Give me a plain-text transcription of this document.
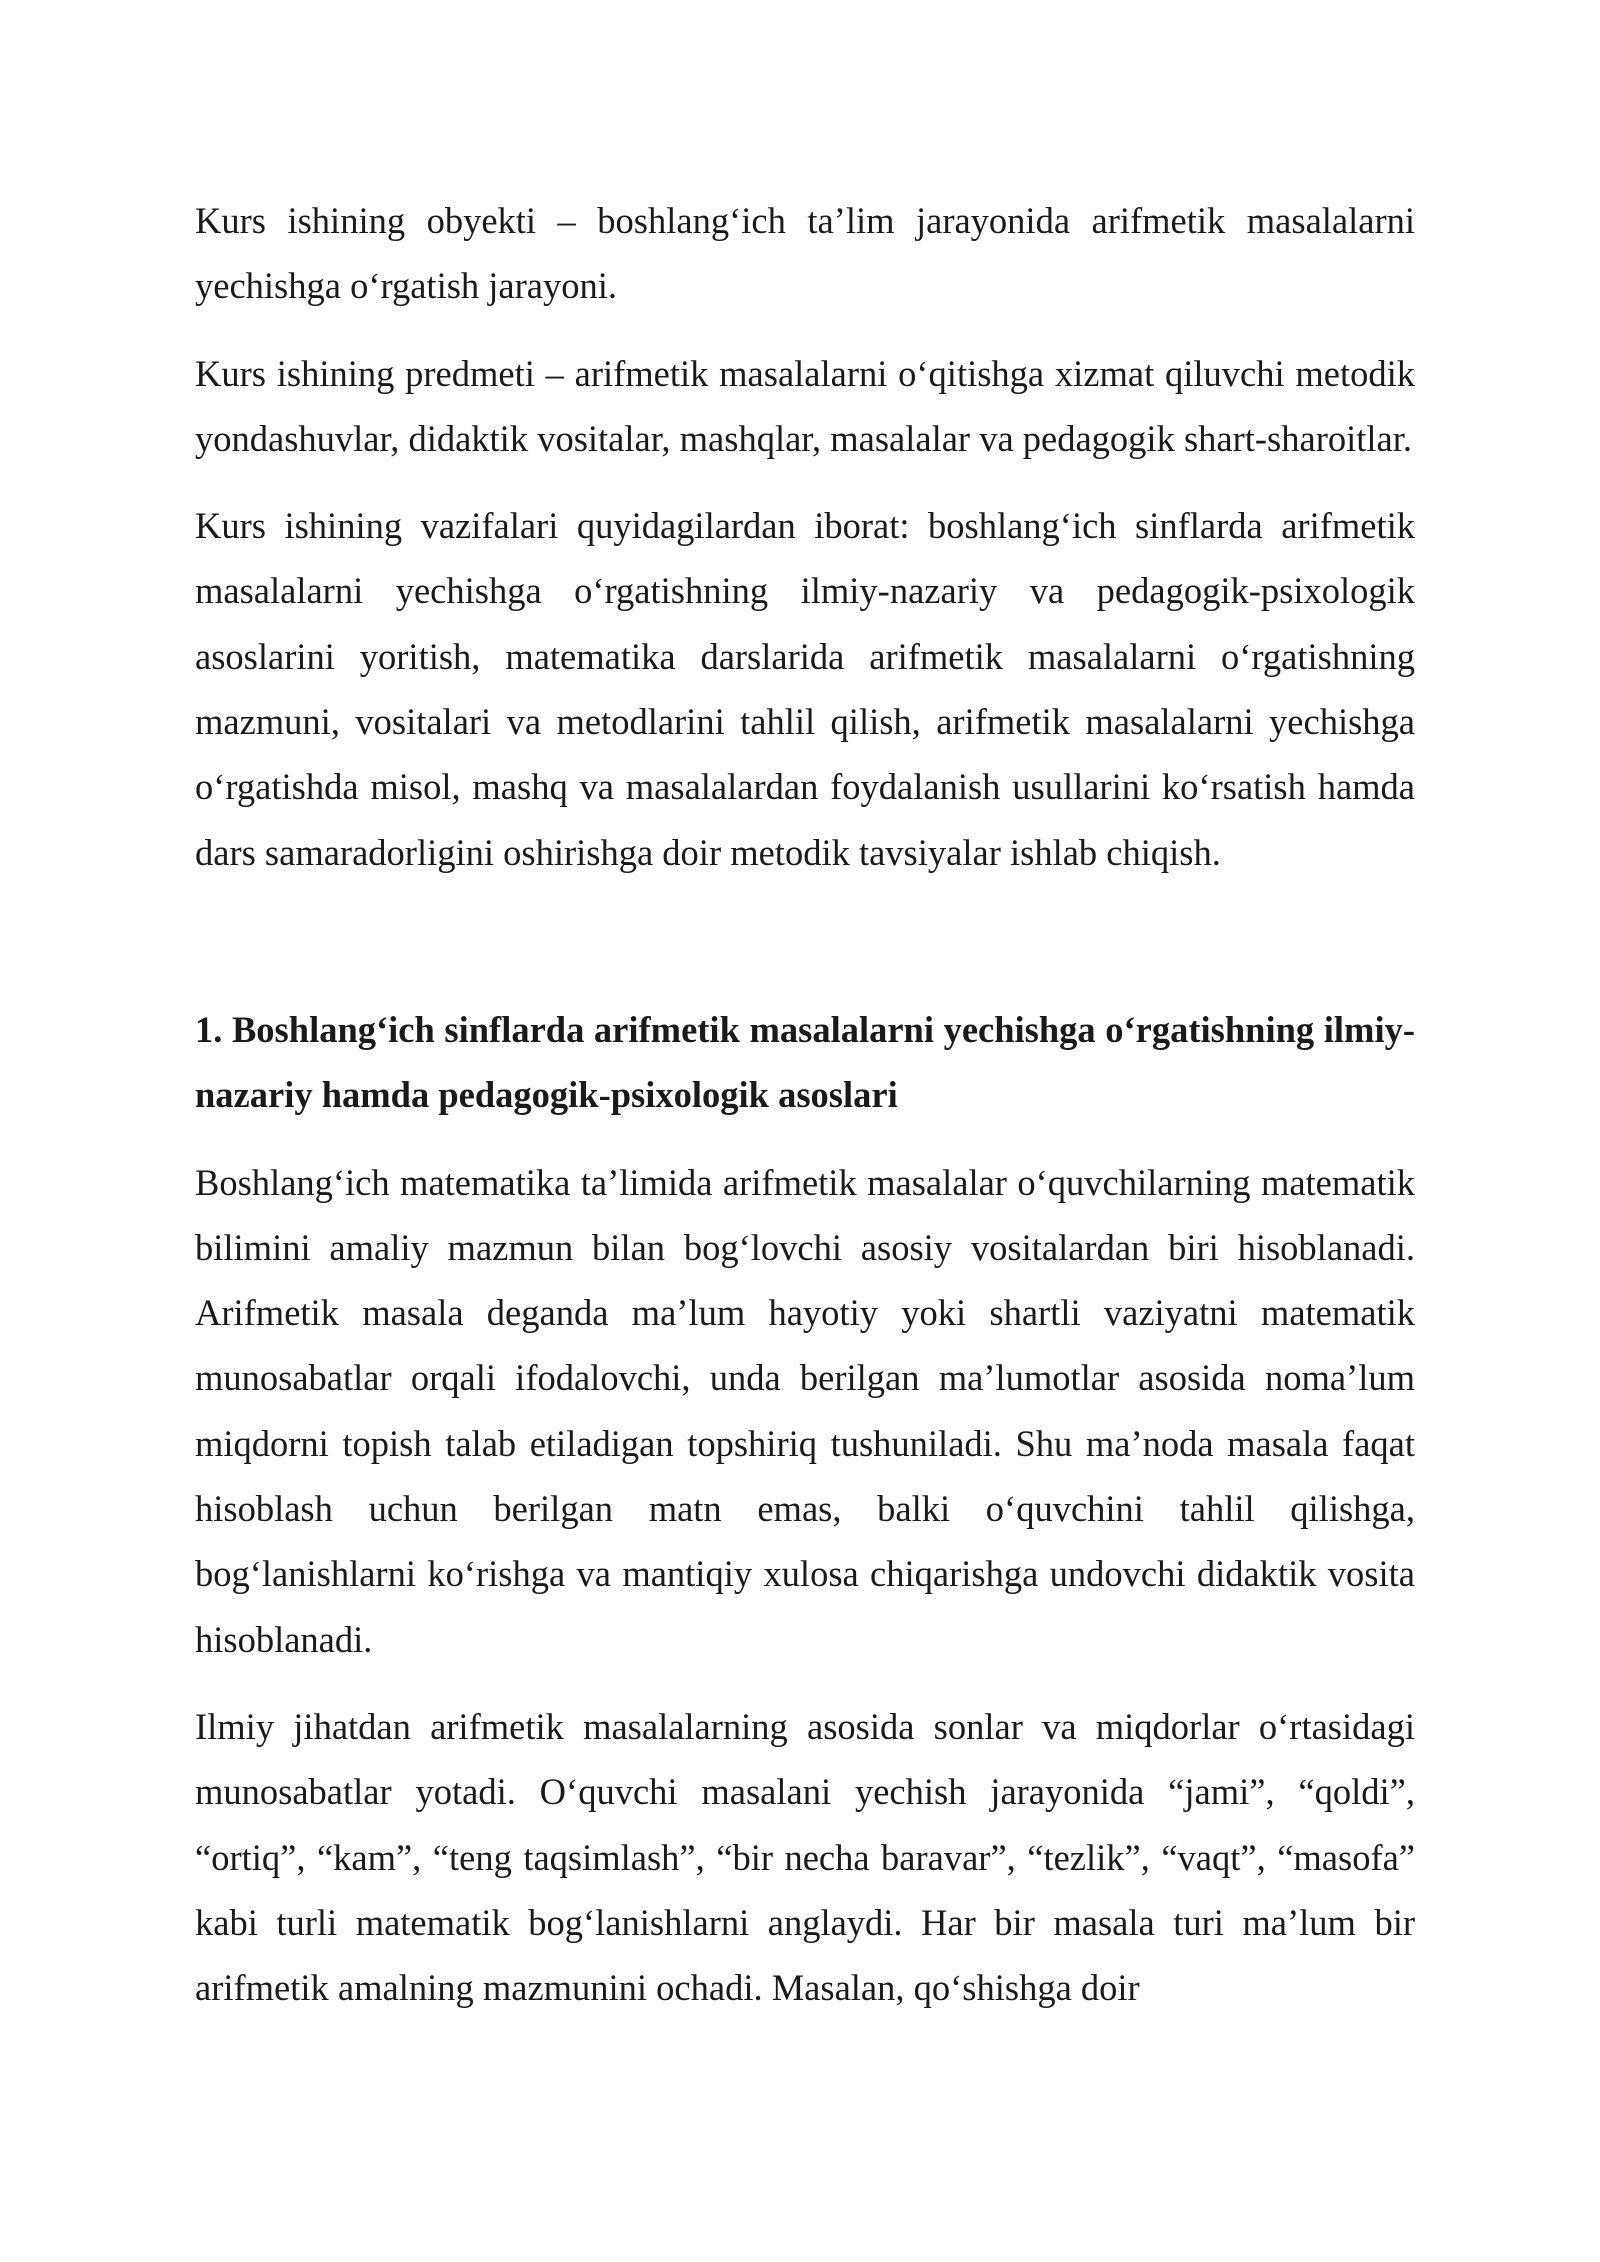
Kurs ishining obyekti – boshlang‘ich ta’lim jarayonida arifmetik masalalarni yechishga o‘rgatish jarayoni.

Kurs ishining predmeti – arifmetik masalalarni o‘qitishga xizmat qiluvchi metodik yondashuvlar, didaktik vositalar, mashqlar, masalalar va pedagogik shart-sharoitlar.

Kurs ishining vazifalari quyidagilardan iborat: boshlang‘ich sinflarda arifmetik masalalarni yechishga o‘rgatishning ilmiy-nazariy va pedagogik-psixologik asoslarini yoritish, matematika darslarida arifmetik masalalarni o‘rgatishning mazmuni, vositalari va metodlarini tahlil qilish, arifmetik masalalarni yechishga o‘rgatishda misol, mashq va masalalardan foydalanish usullarini ko‘rsatish hamda dars samaradorligini oshirishga doir metodik tavsiyalar ishlab chiqish.

1. Boshlang‘ich sinflarda arifmetik masalalarni yechishga o‘rgatishning ilmiy-nazariy hamda pedagogik-psixologik asoslari

Boshlang‘ich matematika ta’limida arifmetik masalalar o‘quvchilarning matematik bilimini amaliy mazmun bilan bog‘lovchi asosiy vositalardan biri hisoblanadi. Arifmetik masala deganda ma’lum hayotiy yoki shartli vaziyatni matematik munosabatlar orqali ifodalovchi, unda berilgan ma’lumotlar asosida noma’lum miqdorni topish talab etiladigan topshiriq tushuniladi. Shu ma’noda masala faqat hisoblash uchun berilgan matn emas, balki o‘quvchini tahlil qilishga, bog‘lanishlarni ko‘rishga va mantiqiy xulosa chiqarishga undovchi didaktik vosita hisoblanadi.

Ilmiy jihatdan arifmetik masalalarning asosida sonlar va miqdorlar o‘rtasidagi munosabatlar yotadi. O‘quvchi masalani yechish jarayonida “jami”, “qoldi”, “ortiq”, “kam”, “teng taqsimlash”, “bir necha baravar”, “tezlik”, “vaqt”, “masofa” kabi turli matematik bog‘lanishlarni anglaydi. Har bir masala turi ma’lum bir arifmetik amalning mazmunini ochadi. Masalan, qo‘shishga doir
